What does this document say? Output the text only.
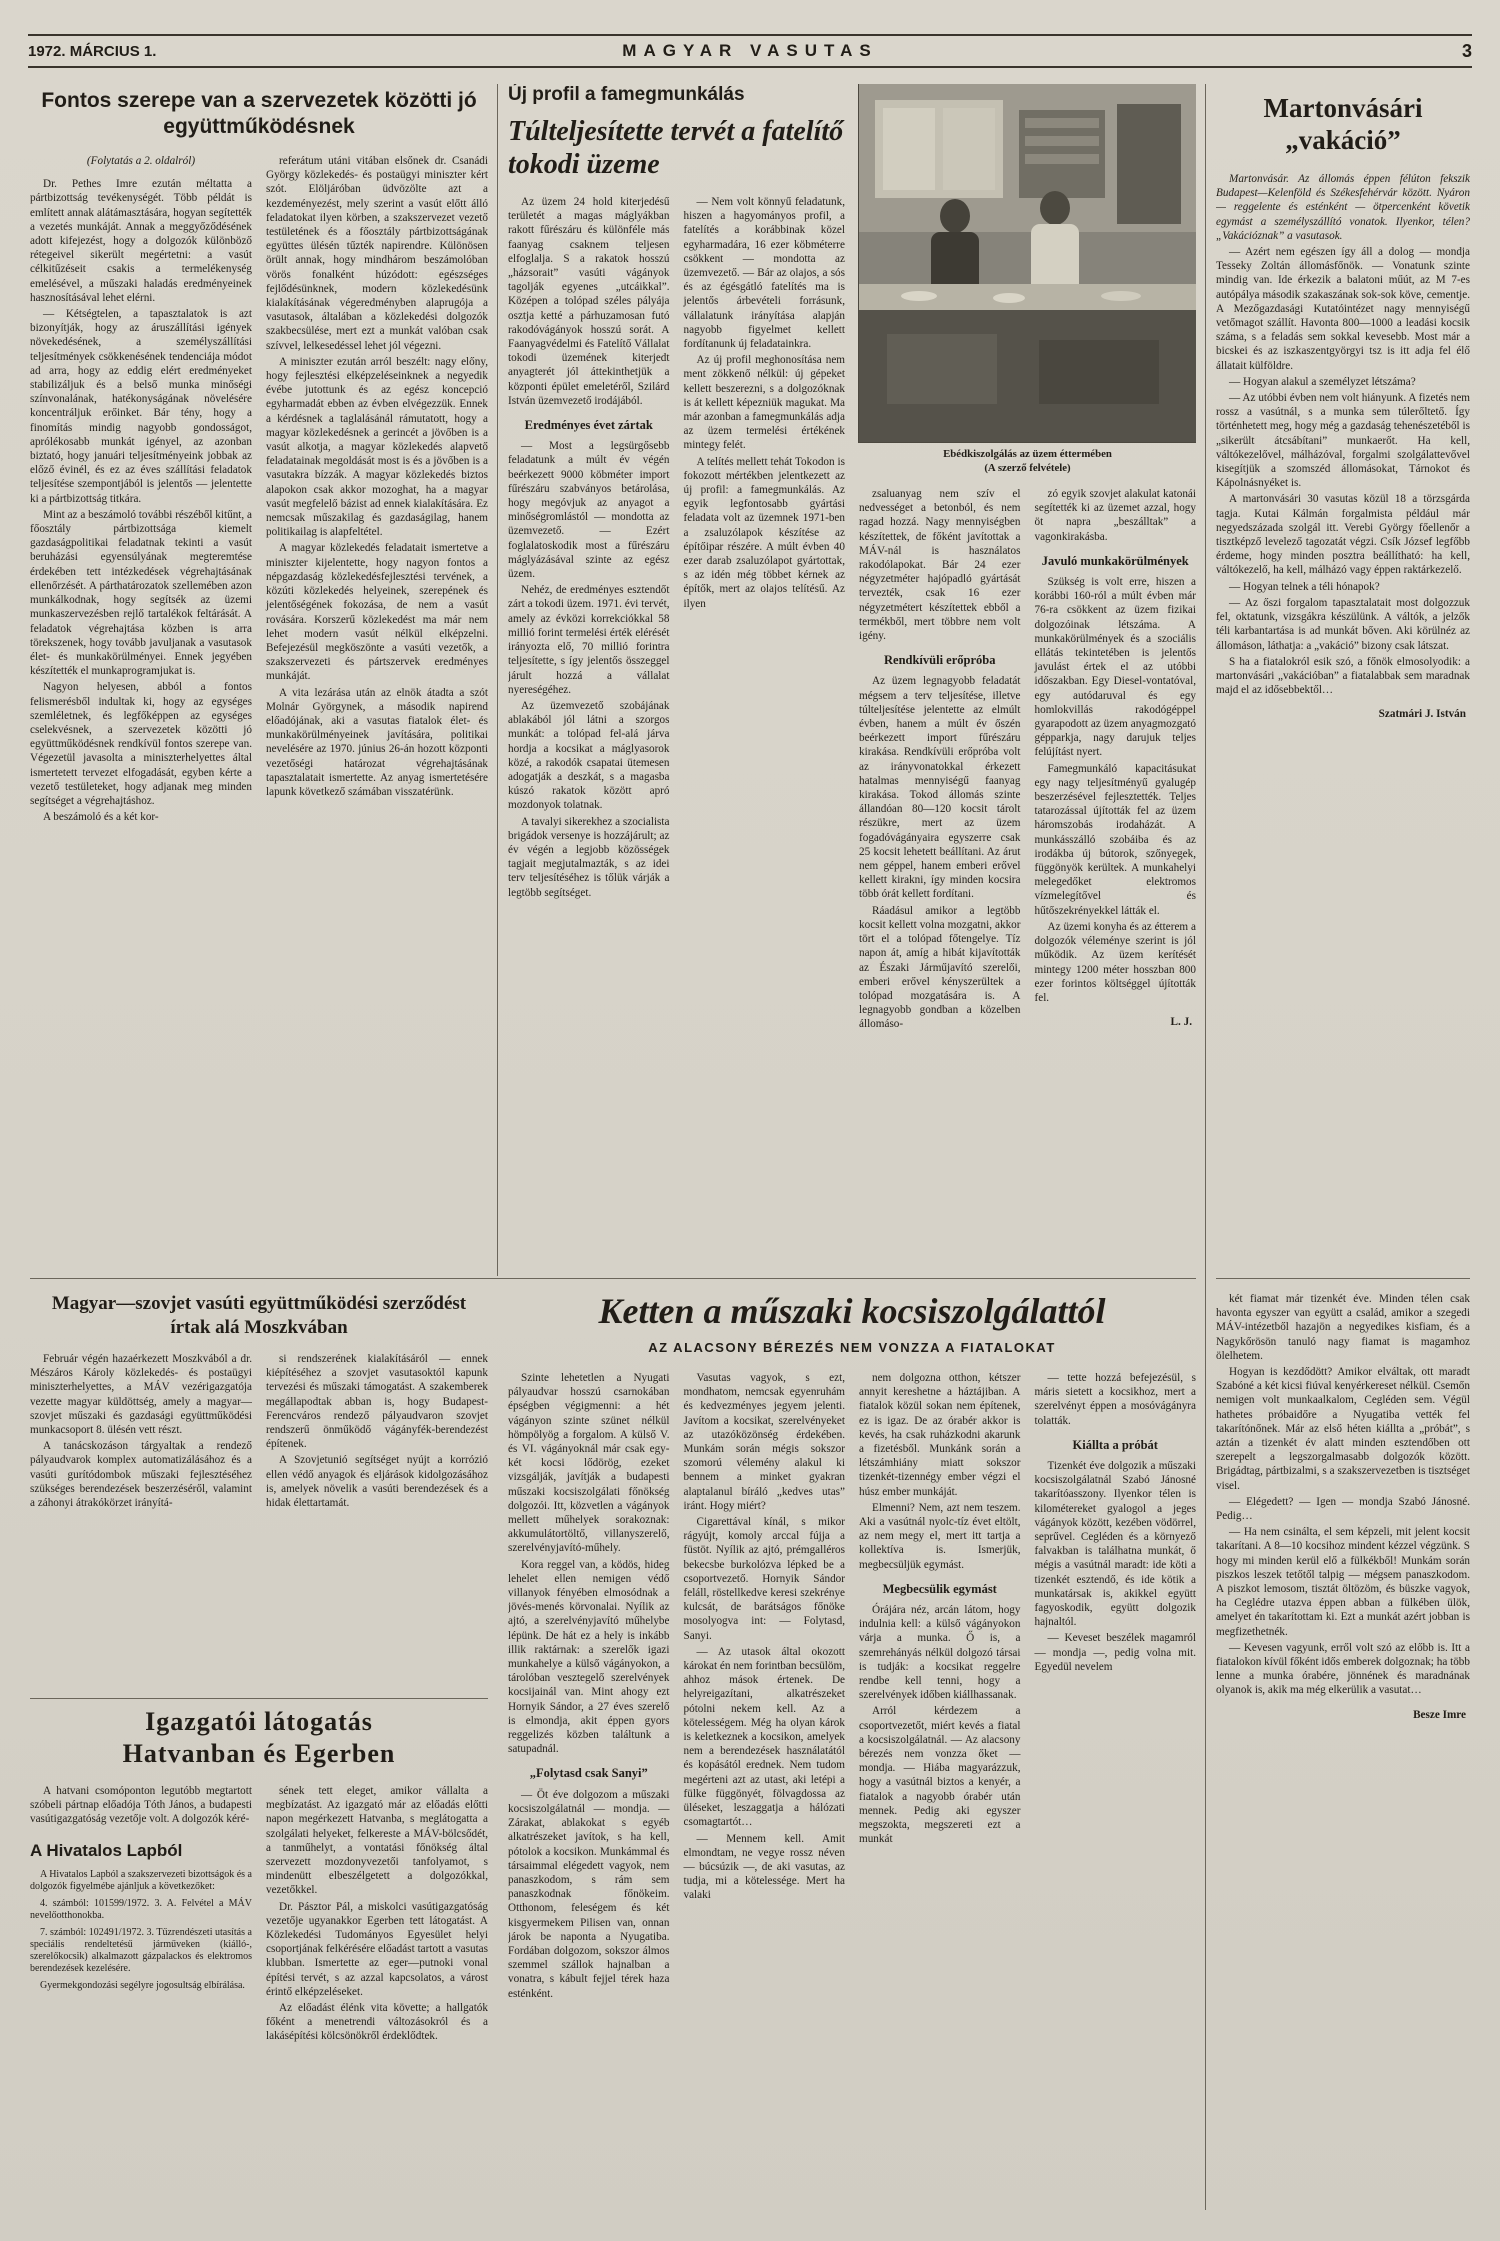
1972. MÁRCIUS 1.	MAGYAR VASUTAS	3
Fontos szerepe van a szervezetek közötti jó együttműködésnek

(Folytatás a 2. oldalról)

Dr. Pethes Imre ezután méltatta a pártbizottság tevékenységét. Több példát is említett annak alátámasztására, hogyan segítették a vezetés munkáját. Annak a meggyőződésének adott kifejezést, hogy a dolgozók különböző rétegeivel sikerült megértetni: a vasút célkitűzéseit csakis a termelékenység emelésével, a műszaki haladás eredményeinek hasznosításával lehet elérni.

— Kétségtelen, a tapasztalatok is azt bizonyítják, hogy az áruszállítási igények növekedésének, a személyszállítási teljesítmények csökkenésének tendenciája módot ad arra, hogy az eddig elért eredményeket stabilizáljuk és a belső munka minőségi színvonalának, hatékonyságának növelésére koncentráljuk erőinket. Bár tény, hogy a finomítás mindig nagyobb gondosságot, aprólékosabb munkát igényel, az azonban biztató, hogy januári teljesítményeink jobbak az előző évinél, és ez az éves szállítási feladatok teljesítése szempontjából is jelentős — jelentette ki a pártbizottság titkára.

Mint az a beszámoló további részéből kitűnt, a főosztály pártbizottsága kiemelt gazdaságpolitikai feladatnak tekinti a vasút beruházási egyensúlyának megteremtése érdekében tett intézkedések végrehajtásának ellenőrzését. A párthatározatok szellemében azon munkálkodnak, hogy segítsék az üzemi munkaszervezésben rejlő tartalékok feltárását. A feladatok végrehajtása közben is arra törekszenek, hogy tovább javuljanak a vasutasok élet- és munkakörülményei. Ennek jegyében készítették el munkaprogramjukat is.

Nagyon helyesen, abból a fontos felismerésből indultak ki, hogy az egységes szemléletnek, és legfőképpen az egységes cselekvésnek, a szervezetek közötti jó együttműködésnek rendkívül fontos szerepe van. Végezetül javasolta a miniszterhelyettes által ismertetett tervezet elfogadását, egyben kérte a vezető testületeket, hogy adjanak meg minden segítséget a végrehajtáshoz.

A beszámoló és a két kor-

referátum utáni vitában elsőnek dr. Csanádi György közlekedés- és postaügyi miniszter kért szót. Elöljáróban üdvözölte azt a kezdeményezést, mely szerint a vasút előtt álló feladatokat ilyen körben, a szakszervezet vezető testületének és a főosztály pártbizottságának együttes ülésén tűzték napirendre. Különösen örült annak, hogy mindhárom beszámolóban vörös fonalként húzódott: egészséges fejlődésünknek, modern közlekedésünk kialakításának végeredményben alaprugója a vasutasok, általában a közlekedési dolgozók szakbecsülése, mert ezt a munkát valóban csak szívvel, lelkesedéssel lehet jól végezni.

A miniszter ezután arról beszélt: nagy előny, hogy fejlesztési elképzeléseinknek a negyedik évébe jutottunk és az egész koncepció egyharmadát ebben az évben elvégezzük. Ennek a kérdésnek a taglalásánál rámutatott, hogy a magyar közlekedésnek a gerincét a jövőben is a vasút alkotja, a magyar közlekedés alapvető feladatainak megoldását most is és a jövőben is a vasutakra bízzák. A magyar közlekedés biztos alapokon csak akkor mozoghat, ha a magyar vasút megfelelő bázist ad ennek kialakítására. Ez nemcsak műszakilag és gazdaságilag, hanem politikailag is alapfeltétel.

A magyar közlekedés feladatait ismertetve a miniszter kijelentette, hogy nagyon fontos a népgazdaság közlekedésfejlesztési tervének, a közúti közlekedés helyeinek, szerepének és jelentőségének fokozása, de nem a vasút rovására. Korszerű közlekedést ma már nem lehet modern vasút nélkül elképzelni. Befejezésül megköszönte a vasúti vezetők, a szakszervezeti és pártszervek eredményes munkáját.

A vita lezárása után az elnök átadta a szót Molnár Györgynek, a második napirend előadójának, aki a vasutas fiatalok élet- és munkakörülményeinek javítására, politikai nevelésére az 1970. június 26-án hozott központi vezetőségi határozat végrehajtásának tapasztalatait ismertette. Az anyag ismertetésére lapunk következő számában visszatérünk.

Új profil a famegmunkálás
Túlteljesítette tervét a fatelítő tokodi üzeme

Az üzem 24 hold kiterjedésű területét a magas máglyákban rakott fűrészáru és különféle más faanyag csaknem teljesen elfoglalja. S a rakatok hosszú „házsorait” vasúti vágányok tagolják egyenes „utcáikkal”. Középen a tolópad széles pályája osztja ketté a párhuzamosan futó rakodóvágányok hosszú sorát. A Faanyagvédelmi és Fatelítő Vállalat tokodi üzemének kiterjedt anyagterét jól áttekinthetjük a központi épület emeletéről, Szilárd István üzemvezető irodájából.

Eredményes évet zártak

— Most a legsürgősebb feladatunk a múlt év végén beérkezett 9000 köbméter import fűrészáru szabványos betárolása, hogy megóvjuk az anyagot a minőségromlástól — mondotta az üzemvezető. — Ezért foglalatoskodik most a fűrészáru máglyázásával szinte az egész üzem.

Nehéz, de eredményes esztendőt zárt a tokodi üzem. 1971. évi tervét, amely az évközi korrekciókkal 58 millió forint termelési érték elérését irányozta elő, 70 millió forintra teljesítette, s így jelentős összeggel járult hozzá a vállalat nyereségéhez.

Az üzemvezető szobájának ablakából jól látni a szorgos munkát: a tolópad fel-alá járva hordja a kocsikat a máglyasorok közé, a rakodók csapatai ütemesen adogatják a deszkát, s a magasba kúszó rakatok között apró mozdonyok tolatnak.

A tavalyi sikerekhez a szocialista brigádok versenye is hozzájárult; az év végén a legjobb közösségek tagjait megjutalmazták, s az idei terv teljesítéséhez is tőlük várják a legtöbb segítséget.

— Nem volt könnyű feladatunk, hiszen a hagyományos profil, a fatelítés a korábbinak közel egyharmadára, 16 ezer köbméterre csökkent — mondotta az üzemvezető. — Bár az olajos, a sós és az égésgátló fatelítés ma is jelentős árbevételi forrásunk, vállalatunk irányítása alapján nagyobb figyelmet kellett fordítanunk új feladatainkra.

Az új profil meghonosítása nem ment zökkenő nélkül: új gépeket kellett beszerezni, s a dolgozóknak is át kellett képezniük magukat. Ma már azonban a famegmunkálás adja az üzem termelési értékének mintegy felét.

A telítés mellett tehát Tokodon is fokozott mértékben jelentkezett az új profil: a famegmunkálás. Az egyik legfontosabb gyártási feladata volt az üzemnek 1971-ben a zsaluzólapok készítése az építőipar részére. A múlt évben 40 ezer darab zsaluzólapot gyártottak, s az idén még többet kérnek az építők, mert az olajos telítésű. Az ilyen

Ebédkiszolgálás az üzem éttermében
(A szerző felvétele)

zsaluanyag nem szív el nedvességet a betonból, és nem ragad hozzá. Nagy mennyiségben készítettek, de főként javítottak a MÁV-nál is használatos rakodólapokat. Bár 24 ezer négyzetméter hajópadló gyártását tervezték, csak 16 ezer négyzetmétert készítettek ebből a termékből, mert többre nem volt igény.

Rendkívüli erőpróba

Az üzem legnagyobb feladatát mégsem a terv teljesítése, illetve túlteljesítése jelentette az elmúlt évben, hanem a múlt év őszén beérkezett import fűrészáru kirakása. Rendkívüli erőpróba volt az irányvonatokkal érkezett hatalmas mennyiségű faanyag kirakása. Tokod állomás szinte állandóan 80—120 kocsit tárolt részükre, mert az üzem fogadóvágányaira egyszerre csak 25 kocsit lehetett beállítani. Az árut nem géppel, hanem emberi erővel kellett kirakni, így minden kocsira több órát kellett fordítani.

Ráadásul amikor a legtöbb kocsit kellett volna mozgatni, akkor tört el a tolópad főtengelye. Tíz napon át, amíg a hibát kijavították az Északi Járműjavító szerelői, emberi erővel kényszerültek a tolópad mozgatására is. A legnagyobb gondban a közelben állomáso-

zó egyik szovjet alakulat katonái segítették ki az üzemet azzal, hogy öt napra „beszálltak” a vagonkirakásba.

Javuló munkakörülmények

Szükség is volt erre, hiszen a korábbi 160-ról a múlt évben már 76-ra csökkent az üzem fizikai dolgozóinak létszáma. A munkakörülmények és a szociális ellátás tekintetében is jelentős javulást értek el az utóbbi időszakban. Egy Diesel-vontatóval, egy autódaruval és egy homlokvillás rakodógéppel gyarapodott az üzem anyagmozgató gépparkja, nagy darujuk teljes felújítást nyert.

Famegmunkáló kapacitásukat egy nagy teljesítményű gyalugép beszerzésével fejlesztették. Teljes tatarozással újították fel az üzem háromszobás irodaházát. A munkásszálló szobáiba és az irodákba új bútorok, szőnyegek, függönyök kerültek. A munkahelyi melegedőket elektromos vízmelegítővel és hűtőszekrényekkel látták el.

Az üzemi konyha és az étterem a dolgozók véleménye szerint is jól működik. Az üzem kerítését mintegy 1200 méter hosszban 800 ezer forintos költséggel újították fel.

L. J.

Martonvásári
„vakáció”

Martonvásár. Az állomás éppen félúton fekszik Budapest—Kelenföld és Székesfehérvár között. Nyáron — reggelente és esténként — ötpercenként követik egymást a személyszállító vonatok. Ilyenkor, télen? „Vakációznak” a vasutasok.

— Azért nem egészen így áll a dolog — mondja Tesseky Zoltán állomásfőnök. — Vonatunk szinte mindig van. Ide érkezik a balatoni műút, az M 7-es autópálya második szakaszának sok-sok köve, cementje. A Mezőgazdasági Kutatóintézet nagy mennyiségű vetőmagot szállít. Havonta 800—1000 a leadási kocsik száma, s a feladás sem sokkal kevesebb. Most már a bicskei és az iszkaszentgyörgyi tsz is itt adja fel élő állatait külföldre.

— Hogyan alakul a személyzet létszáma?

— Az utóbbi évben nem volt hiányunk. A fizetés nem rossz a vasútnál, s a munka sem túlerőltető. Így történhetett meg, hogy még a gazdaság tehenészetéből is „sikerült átcsábítani” munkaerőt. Ha kell, váltókezelővel, málházóval, forgalmi szolgálattevővel kisegítjük a szomszéd állomásokat, Tárnokot és Kápolnásnyéket is.

A martonvásári 30 vasutas közül 18 a törzsgárda tagja. Kutai Kálmán forgalmista például már negyedszázada szolgál itt. Verebi György főellenőr a tisztképző levelező tagozatát végzi. Csík József legfőbb érdeme, hogy minden posztra beállítható: ha kell, váltókezelő, ha kell, málházó vagy éppen raktárkezelő.

— Hogyan telnek a téli hónapok?

— Az őszi forgalom tapasztalatait most dolgozzuk fel, oktatunk, vizsgákra készülünk. A váltók, a jelzők téli karbantartása is ad munkát bőven. Aki körülnéz az állomáson, láthatja: a „vakáció” bizony csak látszat.

S ha a fiatalokról esik szó, a főnök elmosolyodik: a martonvásári „vakációban” a fiatalabbak sem maradnak majd el az idősebbektől…

Szatmári J. István

Magyar—szovjet vasúti együttműködési szerződést írtak alá Moszkvában

Február végén hazaérkezett Moszkvából a dr. Mészáros Károly közlekedés- és postaügyi miniszterhelyettes, a MÁV vezérigazgatója vezette magyar küldöttség, amely a magyar—szovjet műszaki és gazdasági együttműködési munkacsoport 8. ülésén vett részt.

A tanácskozáson tárgyaltak a rendező pályaudvarok komplex automatizálásához és a vasúti gurítódombok műszaki fejlesztéséhez szükséges berendezések beszerzéséről, valamint a záhonyi átrakókörzet irányítá-

si rendszerének kialakításáról — ennek kiépítéséhez a szovjet vasutasoktól kapunk tervezési és műszaki támogatást. A szakemberek megállapodtak abban is, hogy Budapest-Ferencváros rendező pályaudvaron szovjet rendszerű önműködő vágányfék-berendezést építenek.

A Szovjetunió segítséget nyújt a korrózió ellen védő anyagok és eljárások kidolgozásához is, amelyek növelik a vasúti berendezések és a hidak élettartamát.

Igazgatói látogatás
Hatvanban és Egerben

A hatvani csomóponton legutóbb megtartott szóbeli pártnap előadója Tóth János, a budapesti vasútigazgatóság vezetője volt. A dolgozók kéré-

A Hivatalos Lapból

A Hivatalos Lapból a szakszervezeti bizottságok és a dolgozók figyelmébe ajánljuk a következőket:

4. számból: 101599/1972. 3. A. Felvétel a MÁV nevelőotthonokba.

7. számból: 102491/1972. 3. Tűzrendészeti utasítás a speciális rendeltetésű járműveken (kiálló-, szerelőkocsik) alkalmazott gázpalackos és elektromos berendezések kezelésére.

Gyermekgondozási segélyre jogosultság elbírálása.

sének tett eleget, amikor vállalta a megbízatást. Az igazgató már az előadás előtti napon megérkezett Hatvanba, s meglátogatta a szolgálati helyeket, felkereste a MÁV-bölcsődét, a tanműhelyt, a vontatási főnökség által szervezett mozdonyvezetői tanfolyamot, s mindenütt elbeszélgetett a dolgozókkal, vezetőkkel.

Dr. Pásztor Pál, a miskolci vasútigazgatóság vezetője ugyanakkor Egerben tett látogatást. A Közlekedési Tudományos Egyesület helyi csoportjának felkérésére előadást tartott a vasutas klubban. Ismertette az eger—putnoki vonal építési tervét, s az azzal kapcsolatos, a várost érintő elképzeléseket.

Az előadást élénk vita követte; a hallgatók főként a menetrendi változásokról és a lakásépítési kölcsönökről érdeklődtek.

Ketten a műszaki kocsiszolgálattól
AZ ALACSONY BÉREZÉS NEM VONZZA A FIATALOKAT

Szinte lehetetlen a Nyugati pályaudvar hosszú csarnokában épségben végigmenni: a hét vágányon szinte szünet nélkül hömpölyög a forgalom. A külső V. és VI. vágányoknál már csak egy-két kocsi lődörög, ezeket vizsgálják, javítják a budapesti műszaki kocsiszolgálati főnökség dolgozói. Itt, közvetlen a vágányok mellett műhelyek sorakoznak: akkumulátortöltő, villanyszerelő, szerelvényjavító-műhely.

Kora reggel van, a ködös, hideg lehelet ellen nemigen védő villanyok fényében elmosódnak a jövés-menés körvonalai. Nyílik az ajtó, a szerelvényjavító műhelybe lépünk. De hát ez a hely is inkább illik raktárnak: a szerelők igazi munkahelye a külső vágányokon, a tárolóban vesztegelő szerelvények kocsijainál van. Mint ahogy ezt Hornyik Sándor, a 27 éves szerelő is elmondja, akit éppen gyors reggelizés közben találtunk a satupadnál.

„Folytasd csak Sanyi”

— Öt éve dolgozom a műszaki kocsiszolgálatnál — mondja. — Zárakat, ablakokat s egyéb alkatrészeket javítok, s ha kell, pótolok a kocsikon. Munkámmal és társaimmal elégedett vagyok, nem panaszkodom, s rám sem panaszkodnak főnökeim. Otthonom, feleségem és két kisgyermekem Pilisen van, onnan járok be naponta a Nyugatiba. Fordában dolgozom, sokszor álmos szemmel szállok hajnalban a vonatra, s kábult fejjel térek haza esténként.

Vasutas vagyok, s ezt, mondhatom, nemcsak egyenruhám és kedvezményes jegyem jelenti. Javítom a kocsikat, szerelvényeket az utazóközönség érdekében. Munkám során mégis sokszor szomorú vélemény alakul ki bennem a minket gyakran alaptalanul bíráló „kedves utas” iránt. Hogy miért?

Cigarettával kínál, s mikor rágyújt, komoly arccal fújja a füstöt. Nyílik az ajtó, prémgalléros bekecsbe burkolózva lépked be a csoportvezető. Hornyik Sándor feláll, röstellkedve keresi szekrénye kulcsát, de barátságos főnöke mosolyogva int: — Folytasd, Sanyi.

— Az utasok által okozott károkat én nem forintban becsülöm, ahhoz mások értenek. De helyreigazítani, alkatrészeket pótolni nekem kell. Az a kötelességem. Még ha olyan károk is keletkeznek a kocsikon, amelyek nem a berendezések használatától és kopásától erednek. Nem tudom megérteni azt az utast, aki letépi a fülke függönyét, fölvagdossa az üléseket, leszaggatja a hálózati csomagtartót…

— Mennem kell. Amit elmondtam, ne vegye rossz néven — búcsúzik —, de aki vasutas, az tudja, mi a kötelessége. Mert ha valaki

nem dolgozna otthon, kétszer annyit kereshetne a háztájiban. A fiatalok közül sokan nem építenek, ez is igaz. De az órabér akkor is kevés, ha csak ruházkodni akarunk a fizetésből. Munkánk során a létszámhiány miatt sokszor tizenkét-tizennégy ember végzi el húsz ember munkáját.

Elmenni? Nem, azt nem teszem. Aki a vasútnál nyolc-tíz évet eltölt, az nem megy el, mert itt tartja a kollektíva is. Ismerjük, megbecsüljük egymást.

Megbecsülik egymást

Órájára néz, arcán látom, hogy indulnia kell: a külső vágányokon várja a munka. Ő is, a szemrehányás nélkül dolgozó társai is tudják: a kocsikat reggelre rendbe kell tenni, hogy a szerelvények időben kiállhassanak.

Arról kérdezem a csoportvezetőt, miért kevés a fiatal a kocsiszolgálatnál. — Az alacsony bérezés nem vonzza őket — mondja. — Hiába magyarázzuk, hogy a vasútnál biztos a kenyér, a fiatalok a nagyobb órabér után mennek. Pedig aki egyszer megszokta, megszereti ezt a munkát

— tette hozzá befejezésül, s máris sietett a kocsikhoz, mert a szerelvényt éppen a mosóvágányra tolatták.

Kiállta a próbát

Tizenkét éve dolgozik a műszaki kocsiszolgálatnál Szabó Jánosné takarítóasszony. Ilyenkor télen is kilométereket gyalogol a jeges vágányok között, kezében vödörrel, seprűvel. Cegléden és a környező falvakban is találhatna munkát, ő mégis a vasútnál maradt: ide köti a tizenkét esztendő, és ide kötik a munkatársak is, akikkel együtt fagyoskodik, együtt dolgozik hajnaltól.

— Keveset beszélek magamról — mondja —, pedig volna mit. Egyedül nevelem

két fiamat már tizenkét éve. Minden télen csak havonta egyszer van együtt a család, amikor a szegedi MÁV-intézetből hazajön a negyedikes kisfiam, és a Nagykőrösön tanuló nagy fiamat is magamhoz ölelhetem.

Hogyan is kezdődött? Amikor elváltak, ott maradt Szabóné a két kicsi fiúval kenyérkereset nélkül. Csemőn nemigen volt munkaalkalom, Cegléden sem. Végül hathetes próbaidőre a Nyugatiba vették fel takarítónőnek. Már az első héten kiállta a „próbát”, s aztán a tizenkét év alatt minden esztendőben ott szerepelt a legszorgalmasabb dolgozók között. Brigádtag, pártbizalmi, s a szakszervezetben is tisztséget visel.

— Elégedett? — Igen — mondja Szabó Jánosné. Pedig…

— Ha nem csinálta, el sem képzeli, mit jelent kocsit takarítani. A 8—10 kocsihoz mindent kézzel végzünk. S hogy mi minden kerül elő a fülkékből! Munkám során piszkos leszek tetőtől talpig — mégsem panaszkodom. A piszkot lemosom, tisztát öltözöm, és büszke vagyok, ha Ceglédre utazva éppen abban a fülkében ülök, amelyet én takarítottam ki. Ezt a munkát azért jobban is megfizethetnék.

— Kevesen vagyunk, erről volt szó az előbb is. Itt a fiatalokon kívül főként idős emberek dolgoznak; ha több lenne a munka órabére, jönnének és maradnának olyanok is, akik ma még elkerülik a vasutat…

Besze Imre
